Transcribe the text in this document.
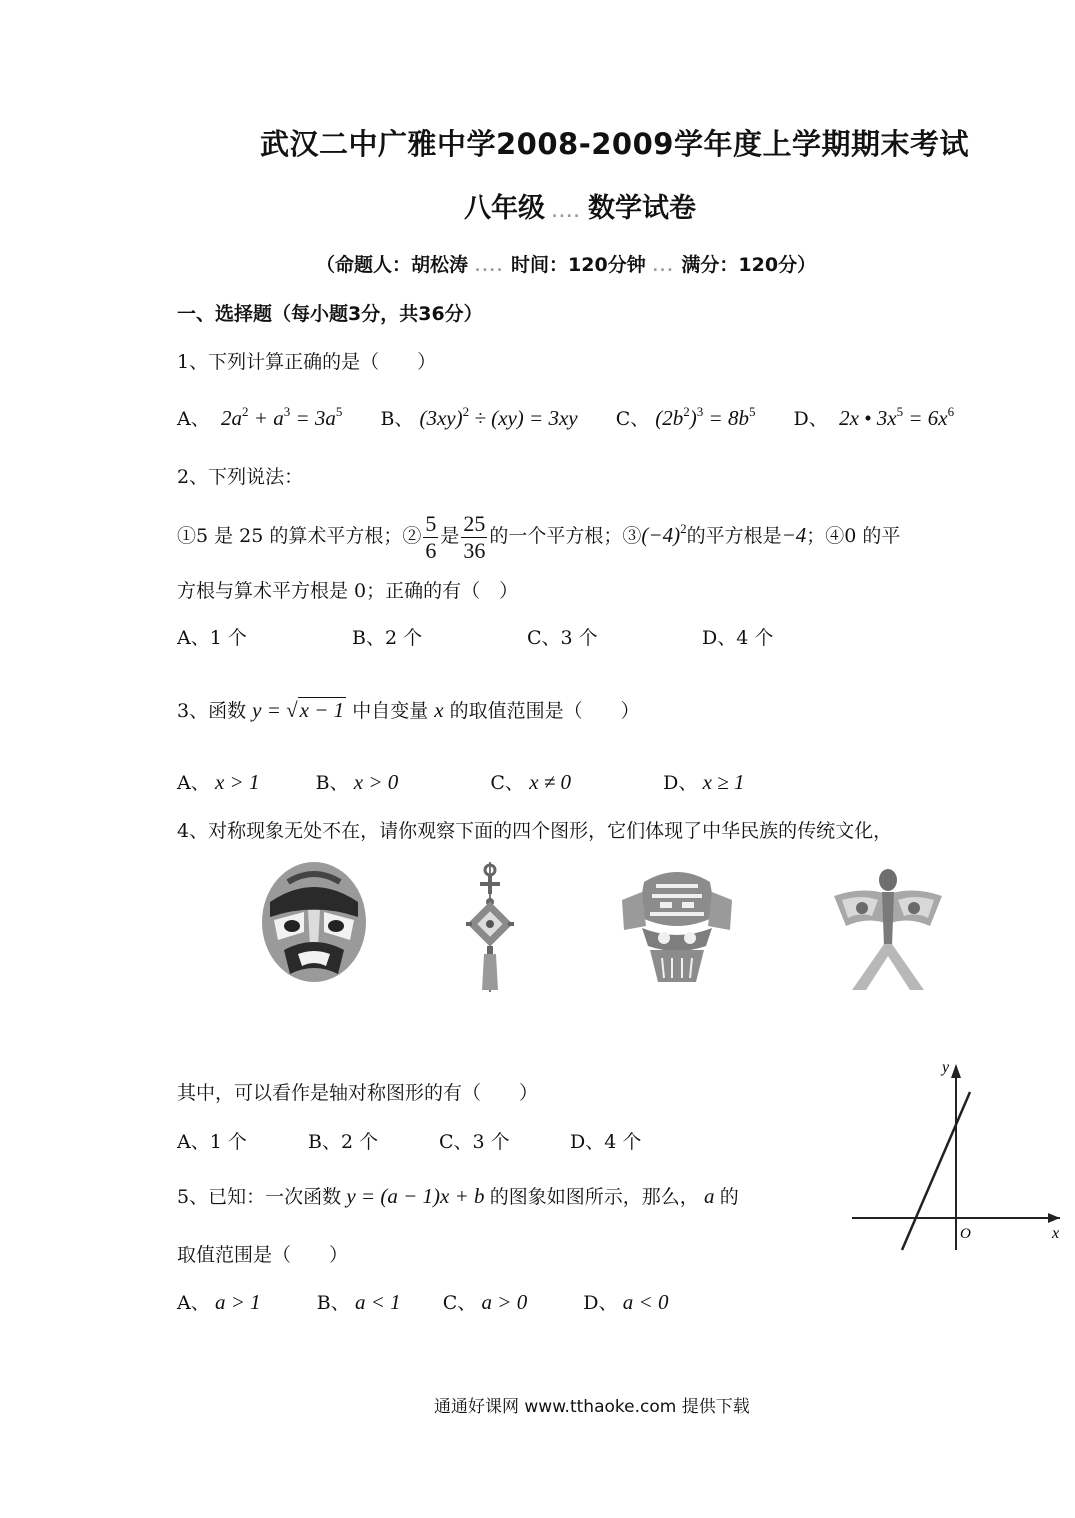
武汉二中广雅中学2008-2009学年度上学期期末考试
八年级 .... 数学试卷
（命题人：胡松涛 .... 时间：120分钟 ... 满分：120分）
一、选择题（每小题3分，共36分）
1、下列计算正确的是（　　）
A、  $2a^2 + a^3 = 3a^5$ B、 $(3xy)^2 \div (xy) = 3xy$ C、 $(2b^2)^3 = 8b^5$ D、  2x • $3x^5 = 6x^6$
2、下列说法：
①5 是 25 的算术平方根；② $\frac{5}{6}$ 是 $\frac{25}{36}$ 的一个平方根；$③(-4)^2$的平方根是−4；④0 的平
方根与算术平方根是 0；正确的有（　）
A、1 个	B、2 个	C、3 个	D、4 个
3、函数 y = √x − 1 中自变量 x 的取值范围是（　　）
A、 x > 1	B、 x > 0	C、 x ≠ 0	D、 x ≥ 1
4、对称现象无处不在，请你观察下面的四个图形，它们体现了中华民族的传统文化，
其中，可以看作是轴对称图形的有（　　）
A、1 个	B、2 个	C、3 个	D、4 个
5、已知：一次函数 y = (a − 1)x + b 的图象如图所示，那么， a 的
取值范围是（　　）
A、 a > 1	B、 a < 1 C、 a > 0	D、 a < 0
y
x
O
通通好课网 www.tthaoke.com 提供下载
